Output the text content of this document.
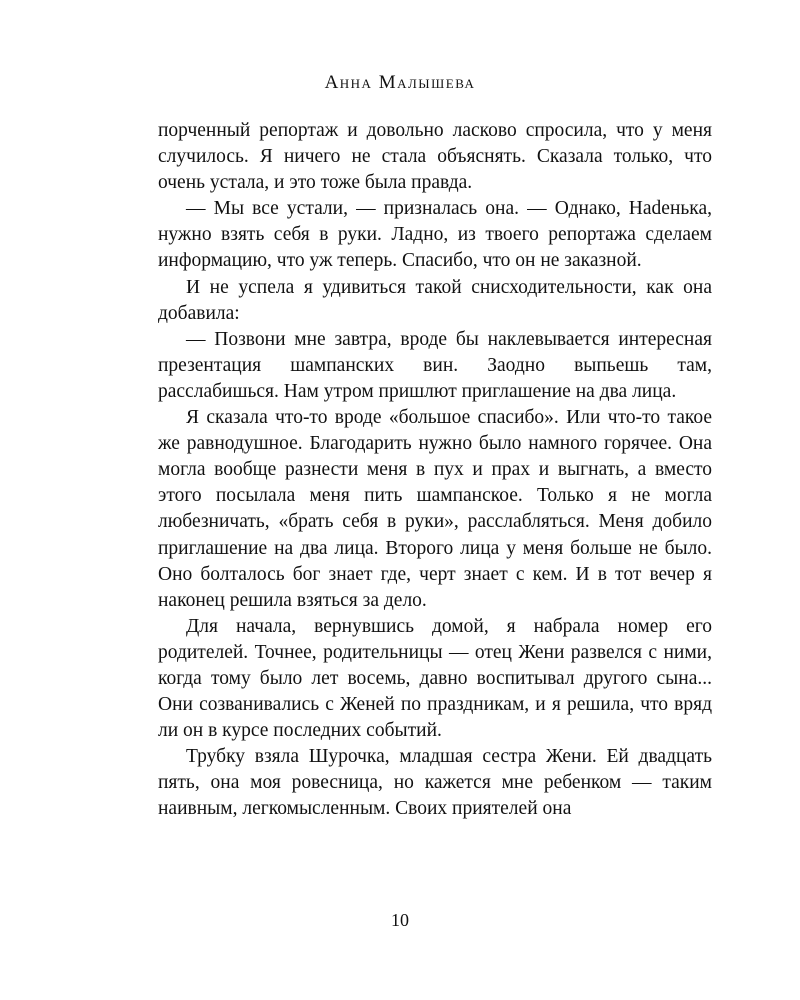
Анна Малышева

порченный репортаж и довольно ласково спросила, что у меня случилось. Я ничего не стала объяснять. Сказала только, что очень устала, и это тоже была правда.

— Мы все устали, — призналась она. — Однако, Наdенька, нужно взять себя в руки. Ладно, из твоего репортажа сделаем информацию, что уж теперь. Спасибо, что он не заказной.

И не успела я удивиться такой снисходительности, как она добавила:

— Позвони мне завтра, вроде бы наклевывается интересная презентация шампанских вин. Заодно выпьешь там, расслабишься. Нам утром пришлют приглашение на два лица.

Я сказала что-то вроде «большое спасибо». Или что-то такое же равнодушное. Благодарить нужно было намного горячее. Она могла вообще разнести меня в пух и прах и выгнать, а вместо этого посылала меня пить шампанское. Только я не могла любезничать, «брать себя в руки», расслабляться. Меня добило приглашение на два лица. Второго лица у меня больше не было. Оно болталось бог знает где, черт знает с кем. И в тот вечер я наконец решила взяться за дело.

Для начала, вернувшись домой, я набрала номер его родителей. Точнее, родительницы — отец Жени развелся с ними, когда тому было лет восемь, давно воспитывал другого сына... Они созванивались с Женей по праздникам, и я решила, что вряд ли он в курсе последних событий.

Трубку взяла Шурочка, младшая сестра Жени. Ей двадцать пять, она моя ровесница, но кажется мне ребенком — таким наивным, легкомысленным. Своих приятелей она

10
